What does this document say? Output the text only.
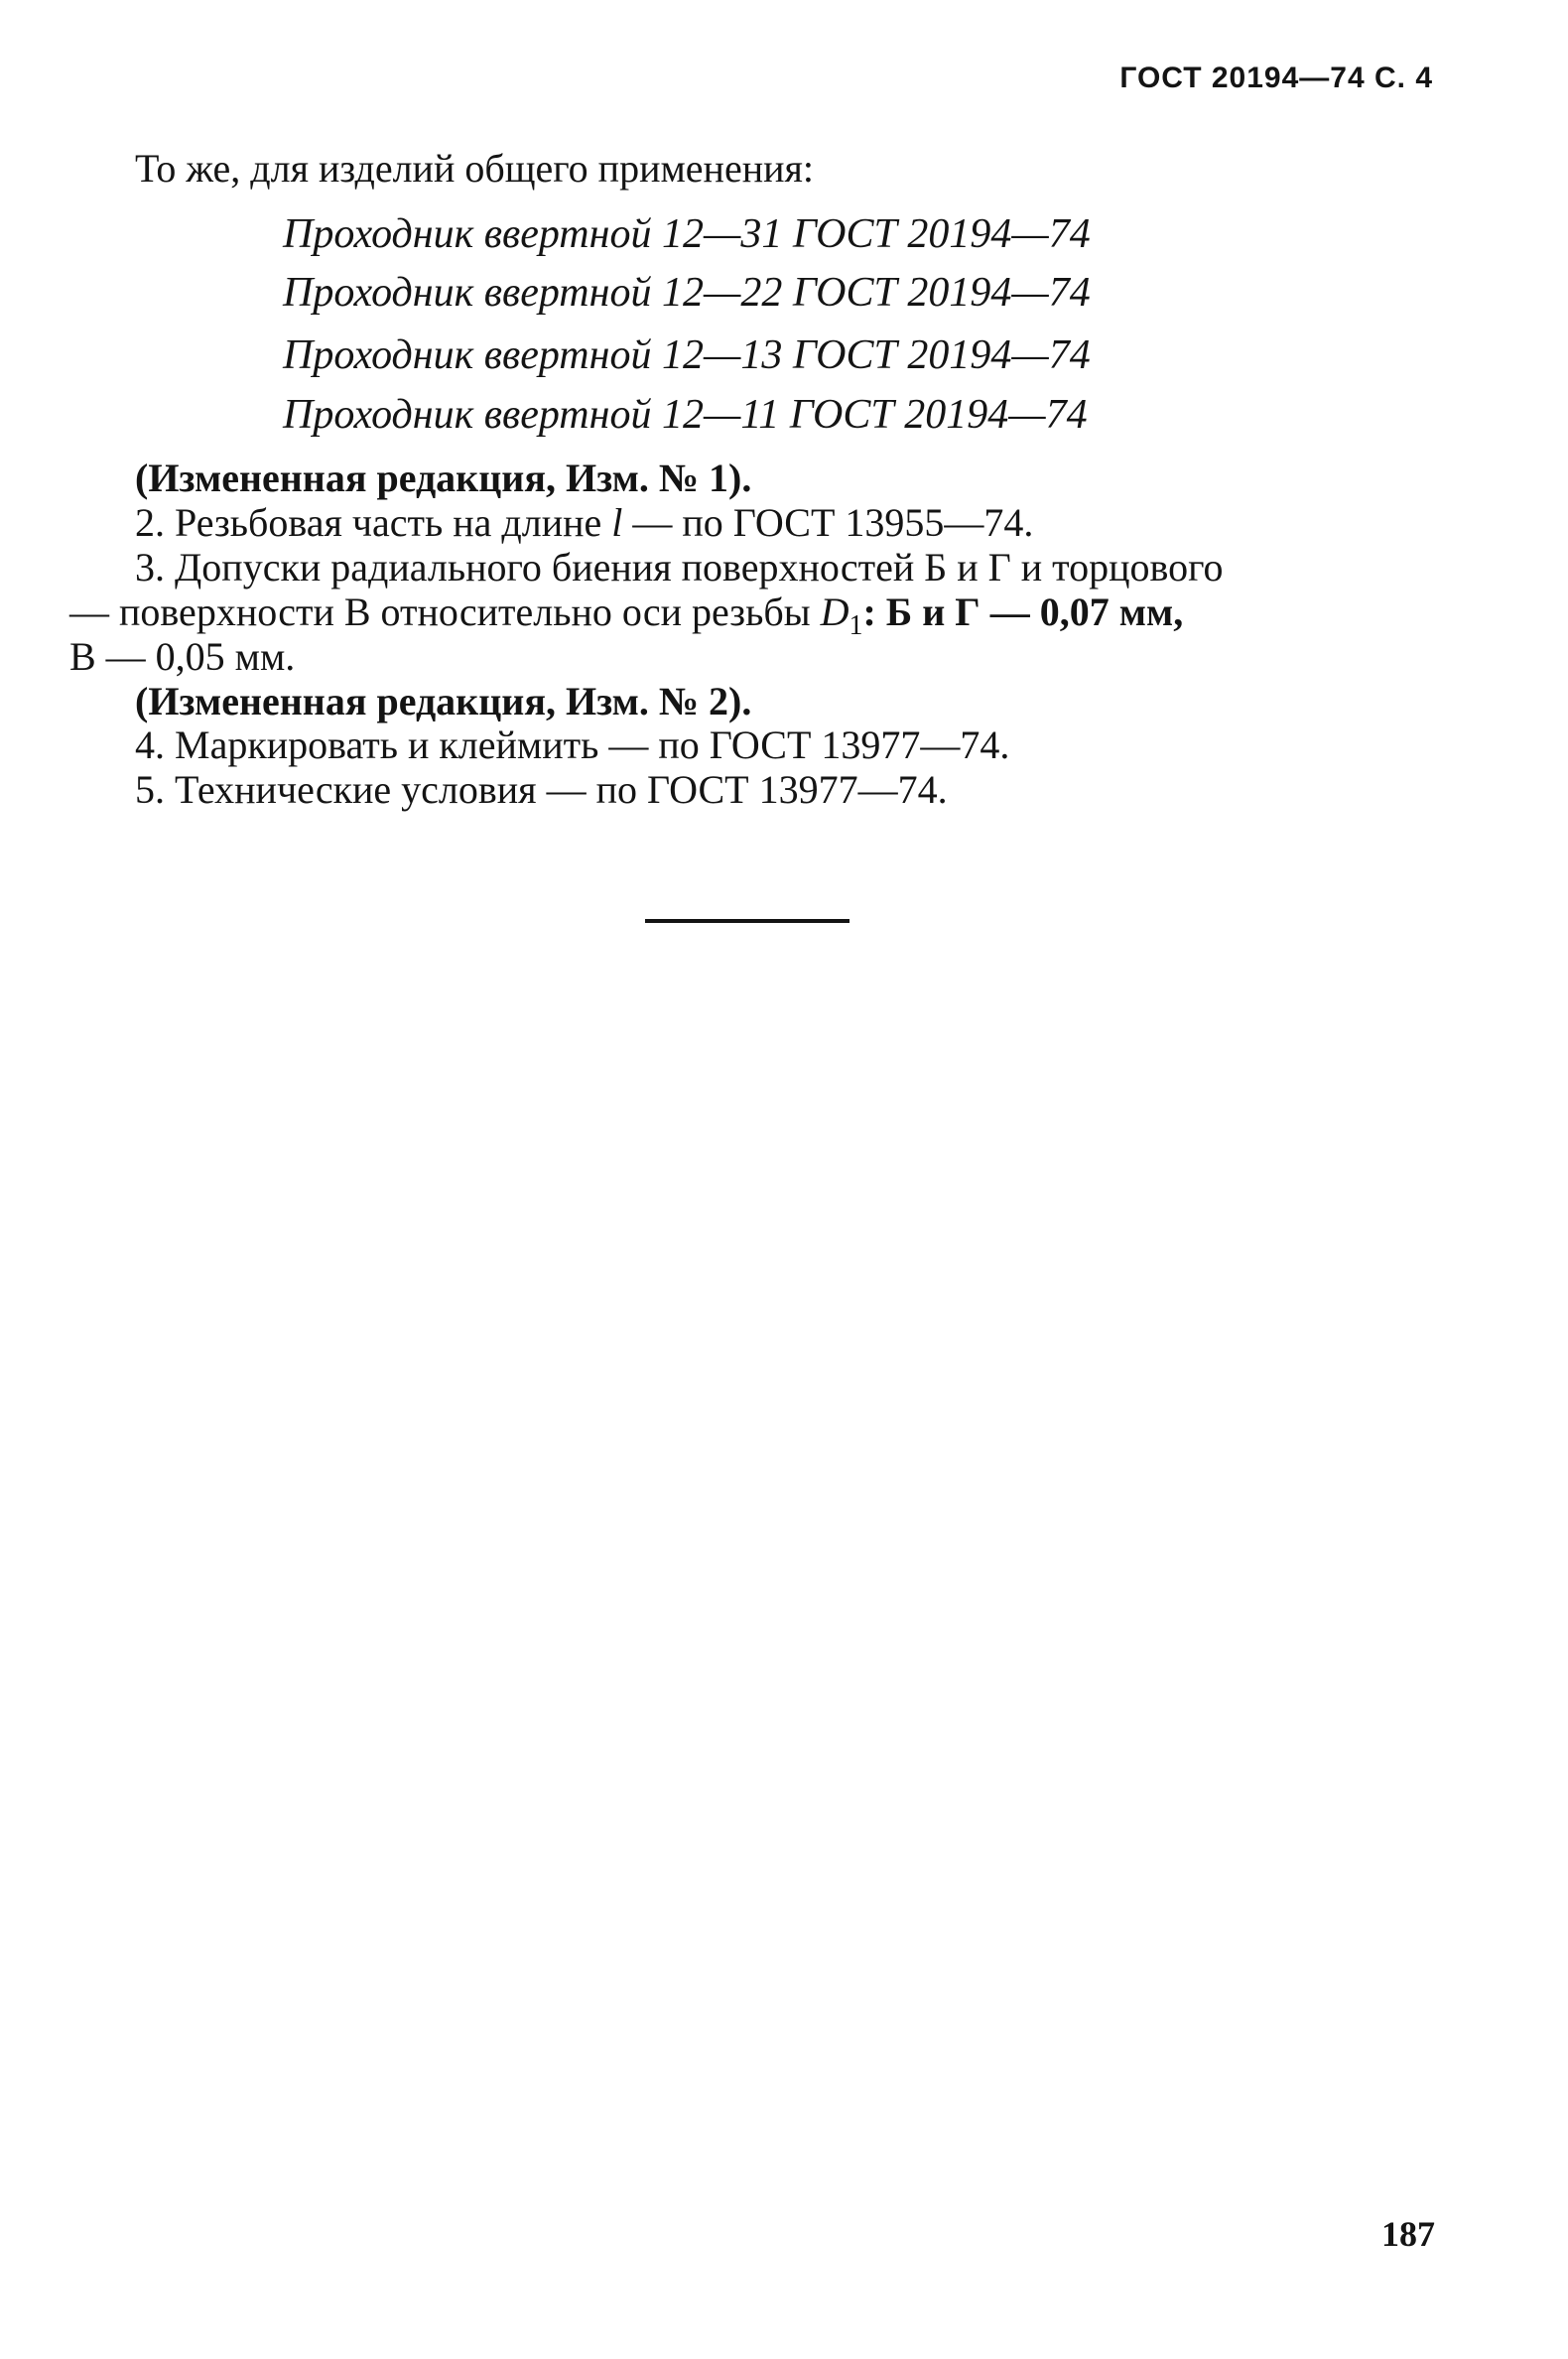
ГОСТ 20194—74 С. 4
То же, для изделий общего применения:
Проходник ввертной 12—31 ГОСТ 20194—74
Проходник ввертной 12—22 ГОСТ 20194—74
Проходник ввертной 12—13 ГОСТ 20194—74
Проходник ввертной 12—11 ГОСТ 20194—74
(Измененная редакция, Изм. № 1).
2. Резьбовая часть на длине l — по ГОСТ 13955—74.
3. Допуски радиального биения поверхностей Б и Г и торцового
— поверхности В относительно оси резьбы $D_1$: Б и Г — 0,07 мм,
В — 0,05 мм.
(Измененная редакция, Изм. № 2).
4. Маркировать и клеймить — по ГОСТ 13977—74.
5. Технические условия — по ГОСТ 13977—74.
187
